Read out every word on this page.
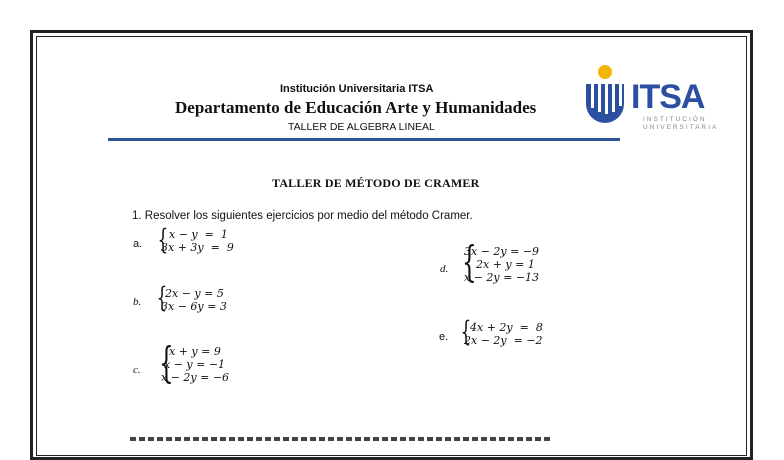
Institución Universitaria ITSA
Departamento de Educación Arte y Humanidades
TALLER DE ALGEBRA LINEAL
ITSA
INSTITUCIÓN
UNIVERSITARIA
TALLER DE MÉTODO DE CRAMER
1. Resolver los siguientes ejercicios por medio del método Cramer.
a. { x − y  =  1
3x + 3y  =  9
b. {
2x − y = 5
3x − 6y = 3
c. {
x + y = 9
x − y = −1
x − 2y = −6
d. {
3x − 2y = −9
2x + y = 1
x − 2y = −13
e. {
4x + 2y  =  8
2x − 2y  = −2
